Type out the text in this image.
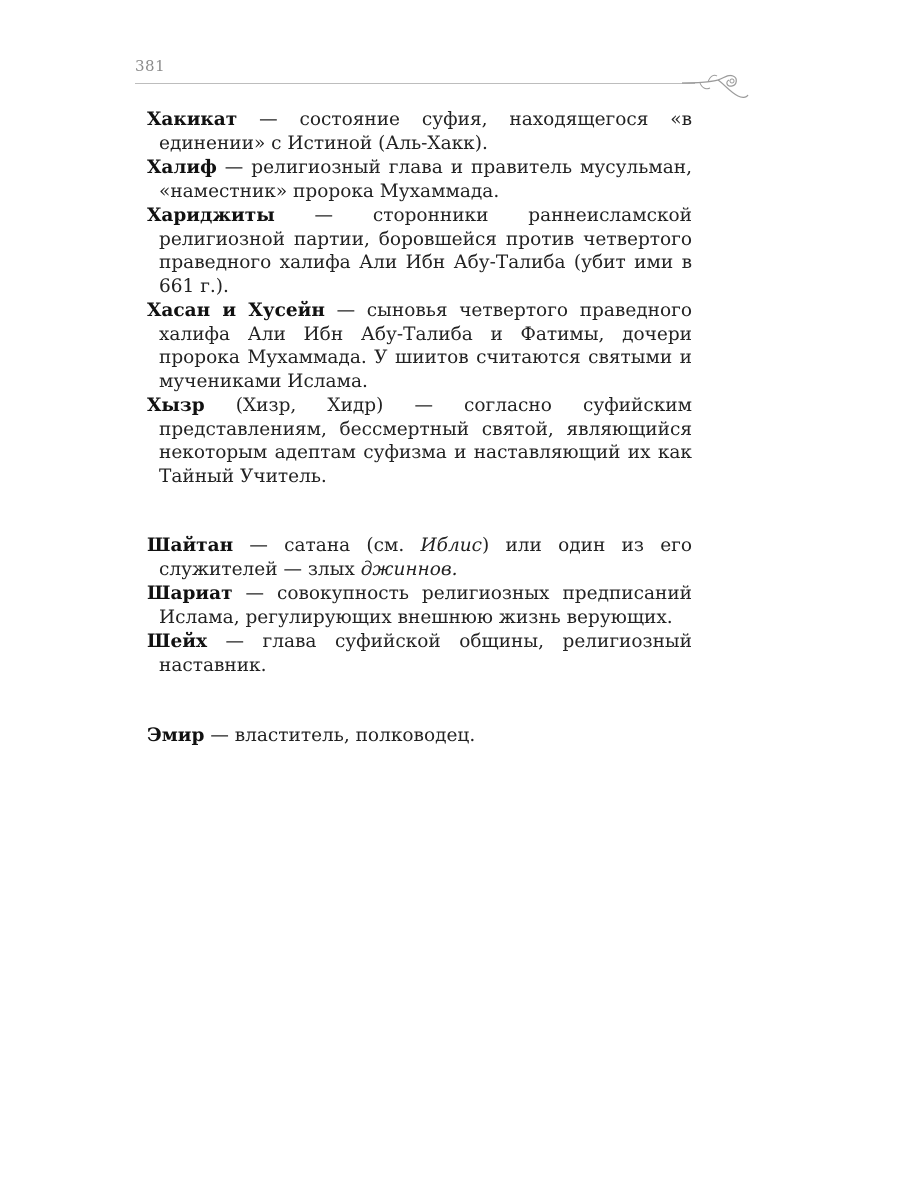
381

Хакикат — состояние суфия, находящегося «в единении» с Истиной (Аль-Хакк).

Халиф — религиозный глава и правитель мусульман, «наместник» пророка Мухаммада.

Хариджиты — сторонники раннеисламской религиозной партии, боровшейся против четвертого праведного халифа Али Ибн Абу-Талиба (убит ими в 661 г.).

Хасан и Хусейн — сыновья четвертого праведного халифа Али Ибн Абу-Талиба и Фатимы, дочери пророка Мухаммада. У шиитов считаются святыми и мучениками Ислама.

Хызр (Хизр, Хидр) — согласно суфийским представлениям, бессмертный святой, являющийся некоторым адептам суфизма и наставляющий их как Тайный Учитель.

Шайтан — сатана (см. Иблис) или один из его служителей — злых джиннов.

Шариат — совокупность религиозных предписаний Ислама, регулирующих внешнюю жизнь верующих.

Шейх — глава суфийской общины, религиозный наставник.

Эмир — властитель, полководец.
